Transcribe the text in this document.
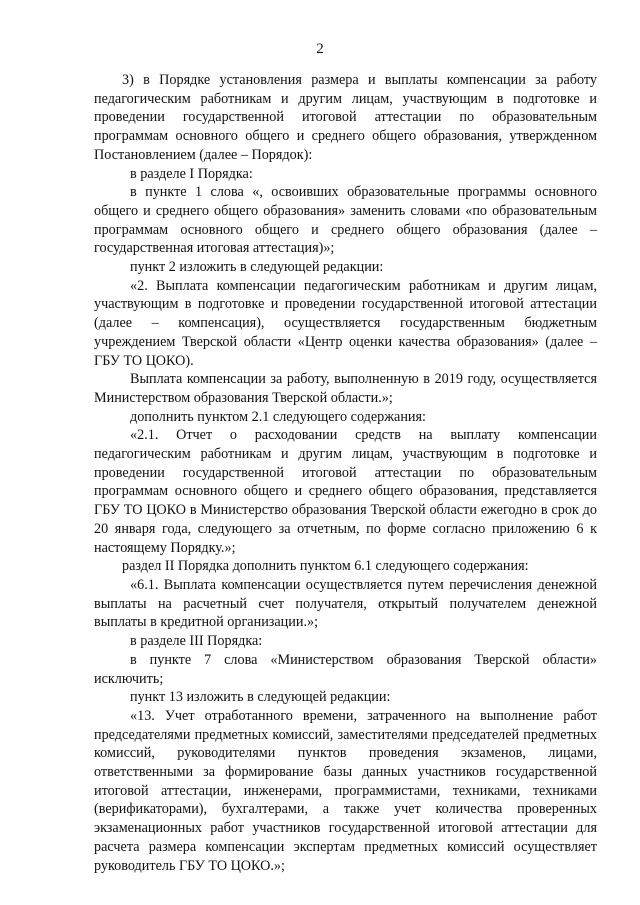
2

3) в Порядке установления размера и выплаты компенсации за работу педагогическим работникам и другим лицам, участвующим в подготовке и проведении государственной итоговой аттестации по образовательным программам основного общего и среднего общего образования, утвержденном Постановлением (далее – Порядок):

в разделе I Порядка:

в пункте 1 слова «, освоивших образовательные программы основного общего и среднего общего образования» заменить словами «по образовательным программам основного общего и среднего общего образования (далее – государственная итоговая аттестация)»;

пункт 2 изложить в следующей редакции:

«2. Выплата компенсации педагогическим работникам и другим лицам, участвующим в подготовке и проведении государственной итоговой аттестации (далее – компенсация), осуществляется государственным бюджетным учреждением Тверской области «Центр оценки качества образования» (далее – ГБУ ТО ЦОКО).

Выплата компенсации за работу, выполненную в 2019 году, осуществляется Министерством образования Тверской области.»;

дополнить пунктом 2.1 следующего содержания:

«2.1. Отчет о расходовании средств на выплату компенсации педагогическим работникам и другим лицам, участвующим в подготовке и проведении государственной итоговой аттестации по образовательным программам основного общего и среднего общего образования, представляется ГБУ ТО ЦОКО в Министерство образования Тверской области ежегодно в срок до 20 января года, следующего за отчетным, по форме согласно приложению 6 к настоящему Порядку.»;

раздел II Порядка дополнить пунктом 6.1 следующего содержания:

«6.1. Выплата компенсации осуществляется путем перечисления денежной выплаты на расчетный счет получателя, открытый получателем денежной выплаты в кредитной организации.»;

в разделе III Порядка:

в пункте 7 слова «Министерством образования Тверской области» исключить;

пункт 13 изложить в следующей редакции:

«13. Учет отработанного времени, затраченного на выполнение работ председателями предметных комиссий, заместителями председателей предметных комиссий, руководителями пунктов проведения экзаменов, лицами, ответственными за формирование базы данных участников государственной итоговой аттестации, инженерами, программистами, техниками, техниками (верификаторами), бухгалтерами, а также учет количества проверенных экзаменационных работ участников государственной итоговой аттестации для расчета размера компенсации экспертам предметных комиссий осуществляет руководитель ГБУ ТО ЦОКО.»;
